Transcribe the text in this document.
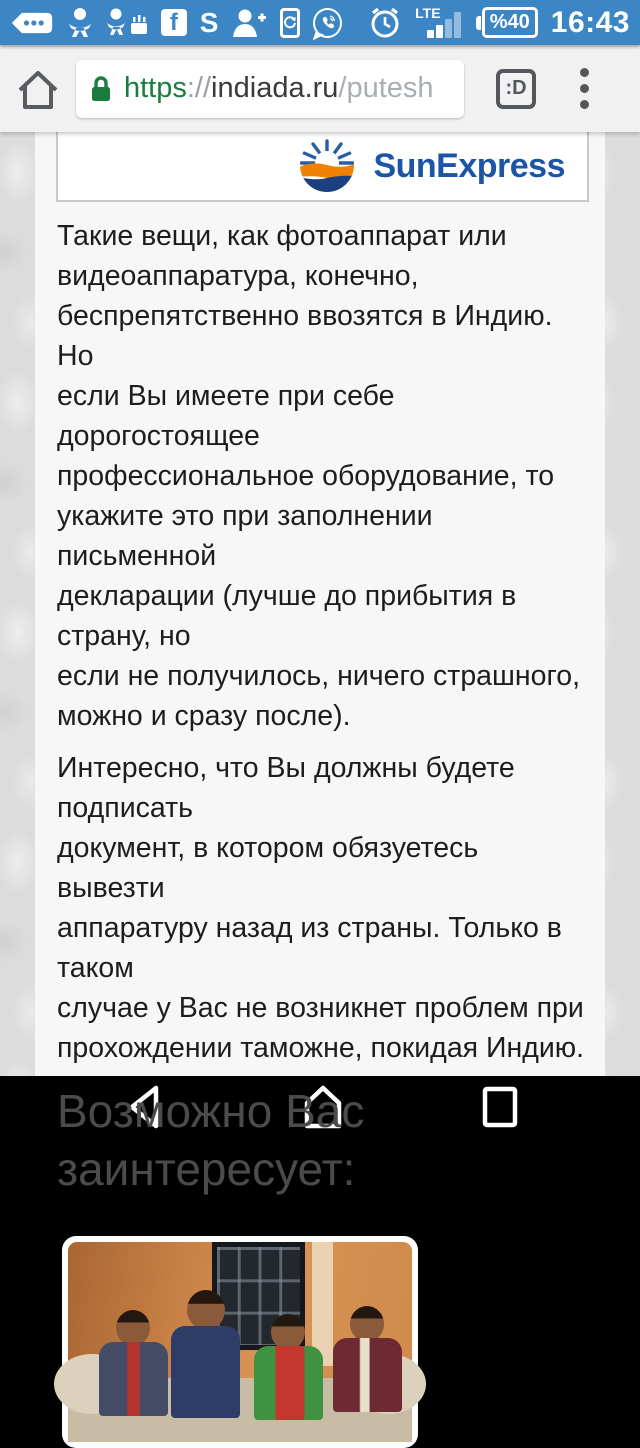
f S	LTE	%40 16:43
https :// indiada.ru /putesh	:D
SunExpress

Такие вещи, как фотоаппарат или
видеоаппаратура, конечно,
беспрепятственно ввозятся в Индию. Но
если Вы имеете при себе дорогостоящее
профессиональное оборудование, то
укажите это при заполнении письменной
декларации (лучше до прибытия в страну, но
если не получилось, ничего страшного,
можно и сразу после).

Интересно, что Вы должны будете подписать
документ, в котором обязуетесь вывезти
аппаратуру назад из страны. Только в таком
случае у Вас не возникнет проблем при
прохождении таможне, покидая Индию.

Возможно Вас заинтересует:
